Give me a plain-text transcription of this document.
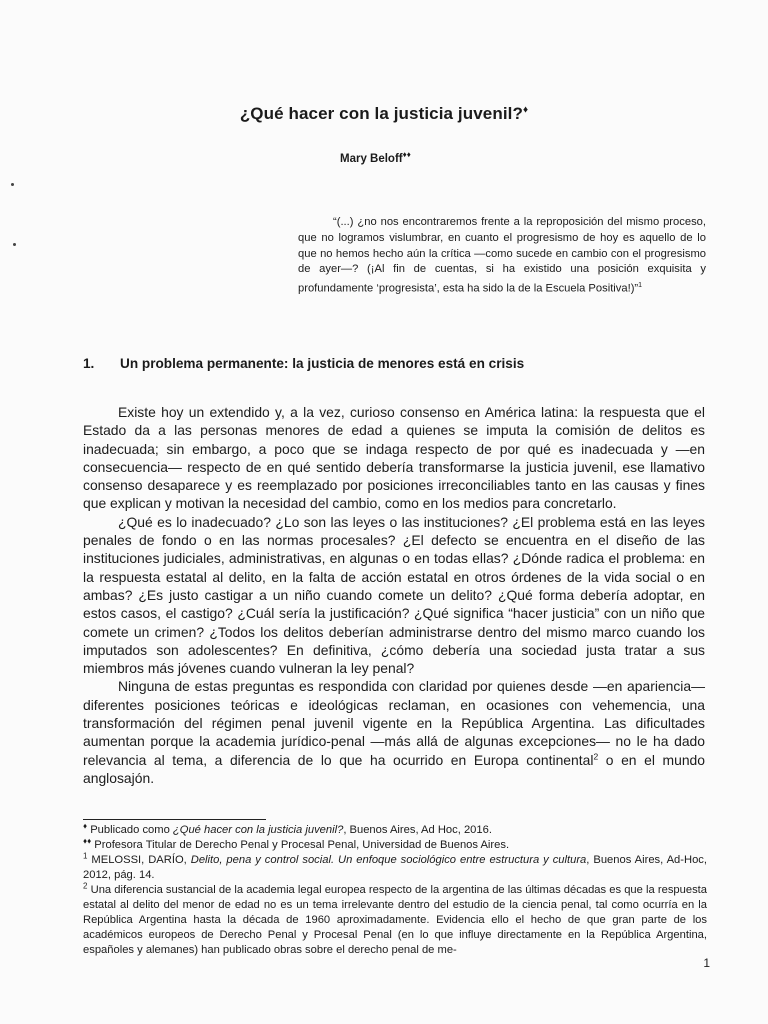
¿Qué hacer con la justicia juvenil?♦
Mary Beloff♦♦
“(...) ¿no nos encontraremos frente a la reproposición del mismo proceso, que no logramos vislumbrar, en cuanto el progresismo de hoy es aquello de lo que no hemos hecho aún la crítica —como sucede en cambio con el progresismo de ayer—? (¡Al fin de cuentas, si ha existido una posición exquisita y profundamente ‘progresista’, esta ha sido la de la Escuela Positiva!)”$^1$
1. Un problema permanente: la justicia de menores está en crisis

Existe hoy un extendido y, a la vez, curioso consenso en América latina: la respuesta que el Estado da a las personas menores de edad a quienes se imputa la comisión de delitos es inadecuada; sin embargo, a poco que se indaga respecto de por qué es inadecuada y —en consecuencia— respecto de en qué sentido debería transformarse la justicia juvenil, ese llamativo consenso desaparece y es reemplazado por posiciones irreconciliables tanto en las causas y fines que explican y motivan la necesidad del cambio, como en los medios para concretarlo.

¿Qué es lo inadecuado? ¿Lo son las leyes o las instituciones? ¿El problema está en las leyes penales de fondo o en las normas procesales? ¿El defecto se encuentra en el diseño de las instituciones judiciales, administrativas, en algunas o en todas ellas? ¿Dónde radica el problema: en la respuesta estatal al delito, en la falta de acción estatal en otros órdenes de la vida social o en ambas? ¿Es justo castigar a un niño cuando comete un delito? ¿Qué forma debería adoptar, en estos casos, el castigo? ¿Cuál sería la justificación? ¿Qué significa “hacer justicia” con un niño que comete un crimen? ¿Todos los delitos deberían administrarse dentro del mismo marco cuando los imputados son adolescentes? En definitiva, ¿cómo debería una sociedad justa tratar a sus miembros más jóvenes cuando vulneran la ley penal?

Ninguna de estas preguntas es respondida con claridad por quienes desde —en apariencia— diferentes posiciones teóricas e ideológicas reclaman, en ocasiones con vehemencia, una transformación del régimen penal juvenil vigente en la República Argentina. Las dificultades aumentan porque la academia jurídico-penal —más allá de algunas excepciones— no le ha dado relevancia al tema, a diferencia de lo que ha ocurrido en Europa continental$^2$ o en el mundo anglosajón.

♦ Publicado como ¿Qué hacer con la justicia juvenil?, Buenos Aires, Ad Hoc, 2016.

♦♦ Profesora Titular de Derecho Penal y Procesal Penal, Universidad de Buenos Aires.

$^1$ MELOSSI, DARÍO, Delito, pena y control social. Un enfoque sociológico entre estructura y cultura, Buenos Aires, Ad-Hoc, 2012, pág. 14.

$^2$ Una diferencia sustancial de la academia legal europea respecto de la argentina de las últimas décadas es que la respuesta estatal al delito del menor de edad no es un tema irrelevante dentro del estudio de la ciencia penal, tal como ocurría en la República Argentina hasta la década de 1960 aproximadamente. Evidencia ello el hecho de que gran parte de los académicos europeos de Derecho Penal y Procesal Penal (en lo que influye directamente en la República Argentina, españoles y alemanes) han publicado obras sobre el derecho penal de me-

1
